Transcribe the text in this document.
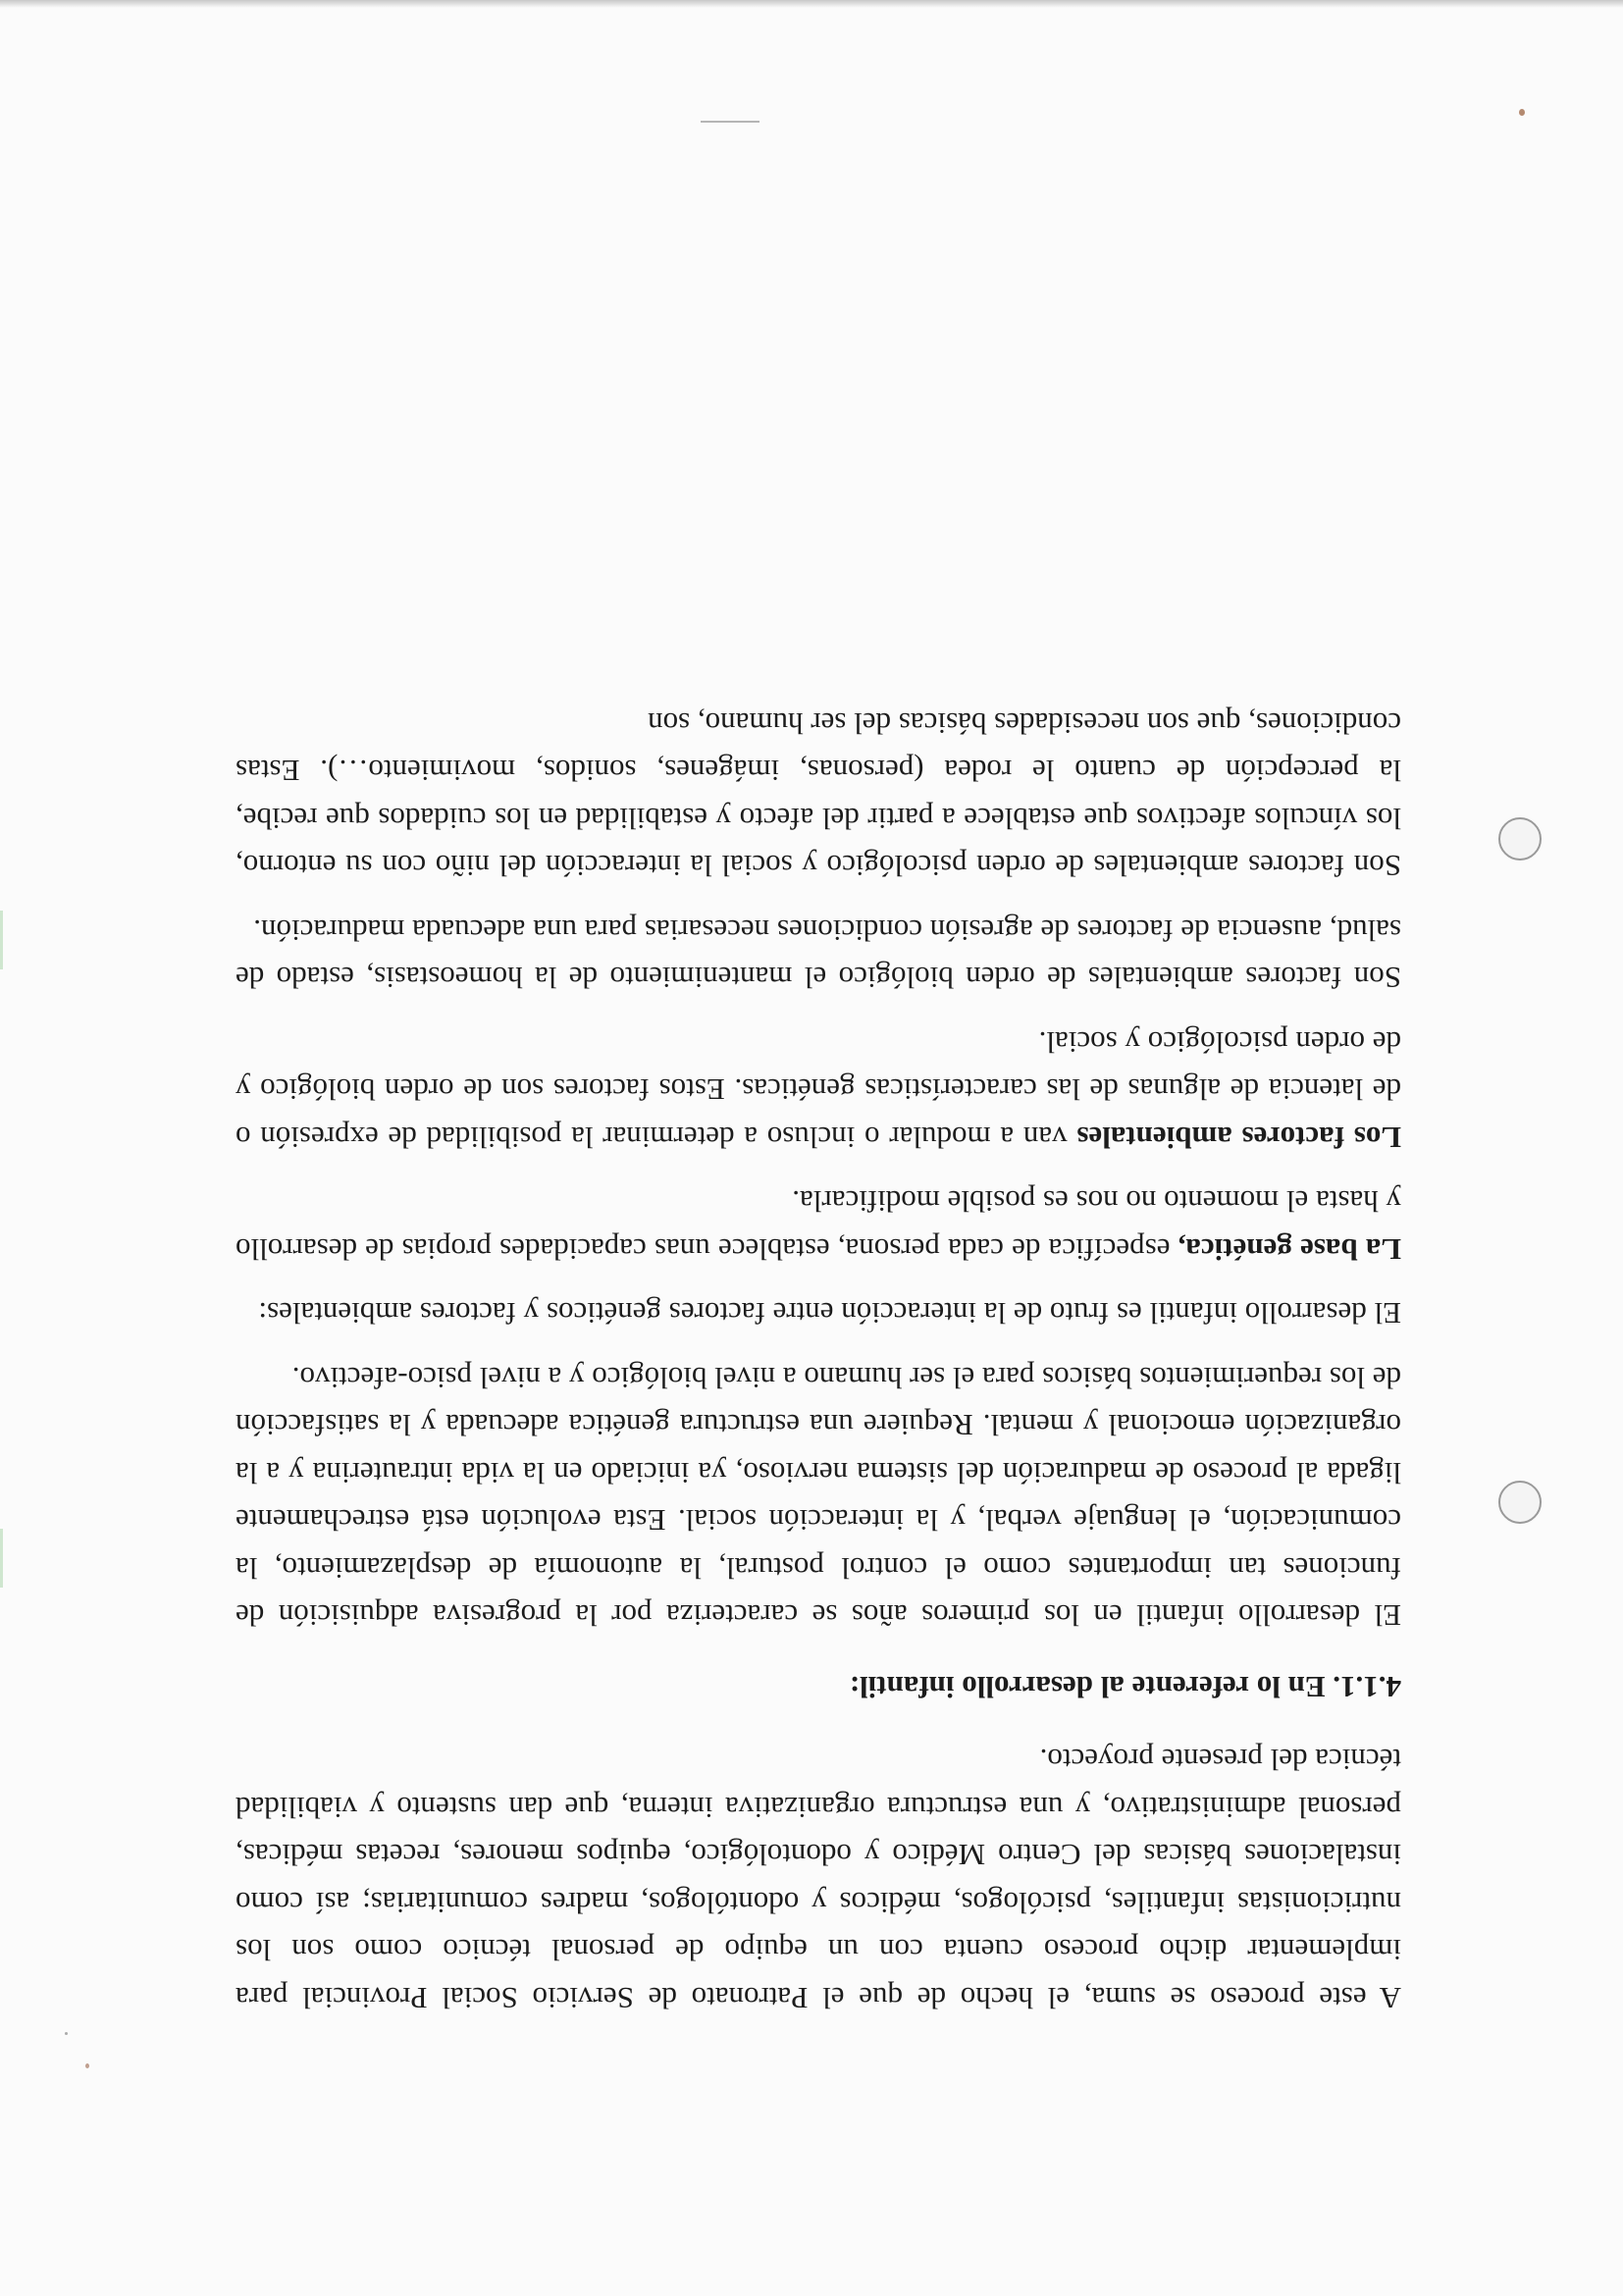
A este proceso se suma, el hecho de que el Patronato de Servicio Social Provincial para implementar dicho proceso cuenta con un equipo de personal técnico como son los nutricionistas infantiles, psicólogos, médicos y odontólogos, madres comunitarias; así como instalaciones básicas del Centro Médico y odontológico, equipos menores, recetas médicas, personal administrativo, y una estructura organizativa interna, que dan sustento y viabilidad técnica del presente proyecto.

4.1.1. En lo referente al desarrollo infantil:

El desarrollo infantil en los primeros años se caracteriza por la progresiva adquisición de funciones tan importantes como el control postural, la autonomía de desplazamiento, la comunicación, el lenguaje verbal, y la interacción social. Esta evolución está estrechamente ligada al proceso de maduración del sistema nervioso, ya iniciado en la vida intrauterina y a la organización emocional y mental. Requiere una estructura genética adecuada y la satisfacción de los requerimientos básicos para el ser humano a nivel biológico y a nivel psico-afectivo.

El desarrollo infantil es fruto de la interacción entre factores genéticos y factores ambientales:

La base genética, específica de cada persona, establece unas capacidades propias de desarrollo y hasta el momento no nos es posible modificarla.

Los factores ambientales van a modular o incluso a determinar la posibilidad de expresión o de latencia de algunas de las características genéticas. Estos factores son de orden biológico y de orden psicológico y social.

Son factores ambientales de orden biológico el mantenimiento de la homeostasis, estado de salud, ausencia de factores de agresión condiciones necesarias para una adecuada maduración.

Son factores ambientales de orden psicológico y social la interacción del niño con su entorno, los vínculos afectivos que establece a partir del afecto y estabilidad en los cuidados que recibe, la percepción de cuanto le rodea (personas, imágenes, sonidos, movimiento…). Estas condiciones, que son necesidades básicas del ser humano, son
